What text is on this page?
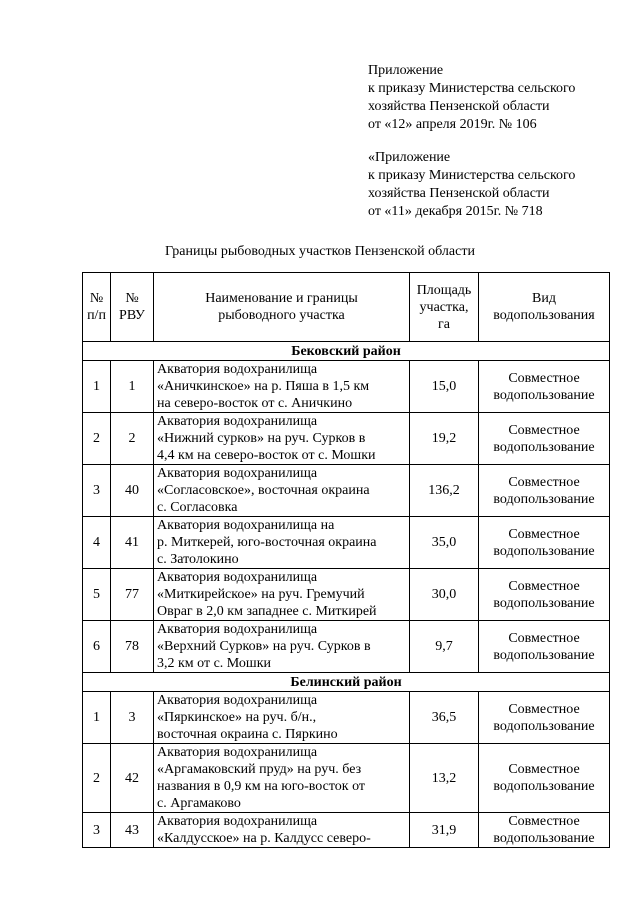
Приложение
к приказу Министерства сельского
хозяйства Пензенской области
от «12» апреля 2019г. № 106
«Приложение
к приказу Министерства сельского
хозяйства Пензенской области
от «11» декабря 2015г. № 718
Границы рыбоводных участков Пензенской области
№
п/п	№
РВУ	Наименование и границы
рыбоводного участка	Площадь
участка,
га	Вид
водопользования
Бековский район				
1	1	Акватория водохранилища
«Аничкинское» на р. Пяша в 1,5 км
на северо-восток от с. Аничкино	15,0	Совместное
водопользование
2	2	Акватория водохранилища
«Нижний сурков» на руч. Сурков в
4,4 км на северо-восток от с. Мошки	19,2	Совместное
водопользование
3	40	Акватория водохранилища
«Согласовское», восточная окраина
с. Согласовка	136,2	Совместное
водопользование
4	41	Акватория водохранилища на
р. Миткерей, юго-восточная окраина
с. Затолокино	35,0	Совместное
водопользование
5	77	Акватория водохранилища
«Миткирейское» на руч. Гремучий
Овраг в 2,0 км западнее с. Миткирей	30,0	Совместное
водопользование
6	78	Акватория водохранилища
«Верхний Сурков» на руч. Сурков в
3,2 км от с. Мошки	9,7	Совместное
водопользование
Белинский район				
1	3	Акватория водохранилища
«Пяркинское» на руч. б/н.,
восточная окраина с. Пяркино	36,5	Совместное
водопользование
2	42	Акватория водохранилища
«Аргамаковский пруд» на руч. без
названия в 0,9 км на юго-восток от
с. Аргамаково	13,2	Совместное
водопользование
3	43	Акватория водохранилища
«Калдусское» на р. Калдусс северо-	31,9	Совместное
водопользование
